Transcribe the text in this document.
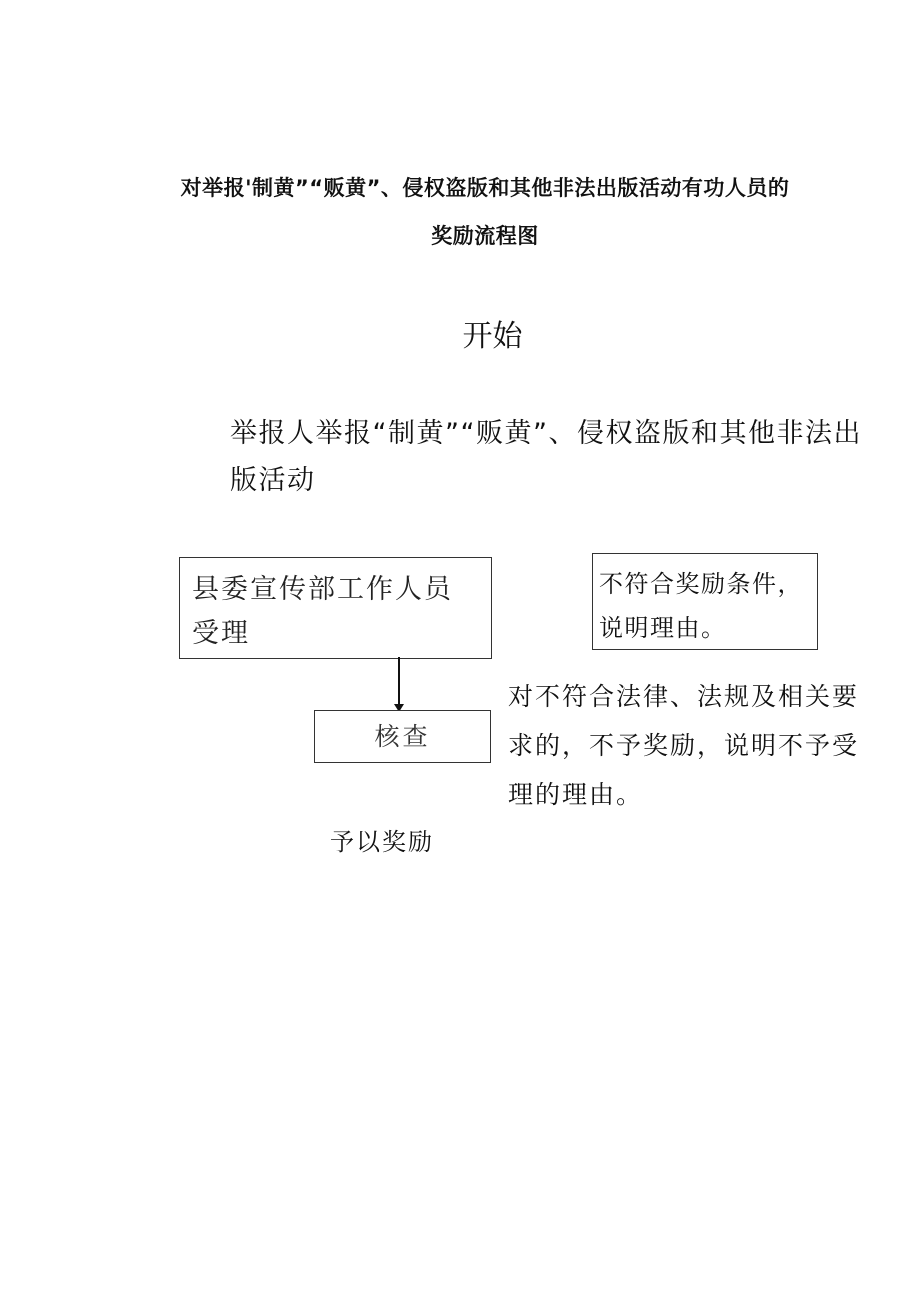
对举报'制黄”“贩黄”、侵权盗版和其他非法出版活动有功人员的
奖励流程图
开始
举报人举报“制黄”“贩黄”、侵权盗版和其他非法出版活动
县委宣传部工作人员受理
核查
不符合奖励条件，说明理由。
对不符合法律、法规及相关要求的，不予奖励，说明不予受理的理由。
予以奖励
